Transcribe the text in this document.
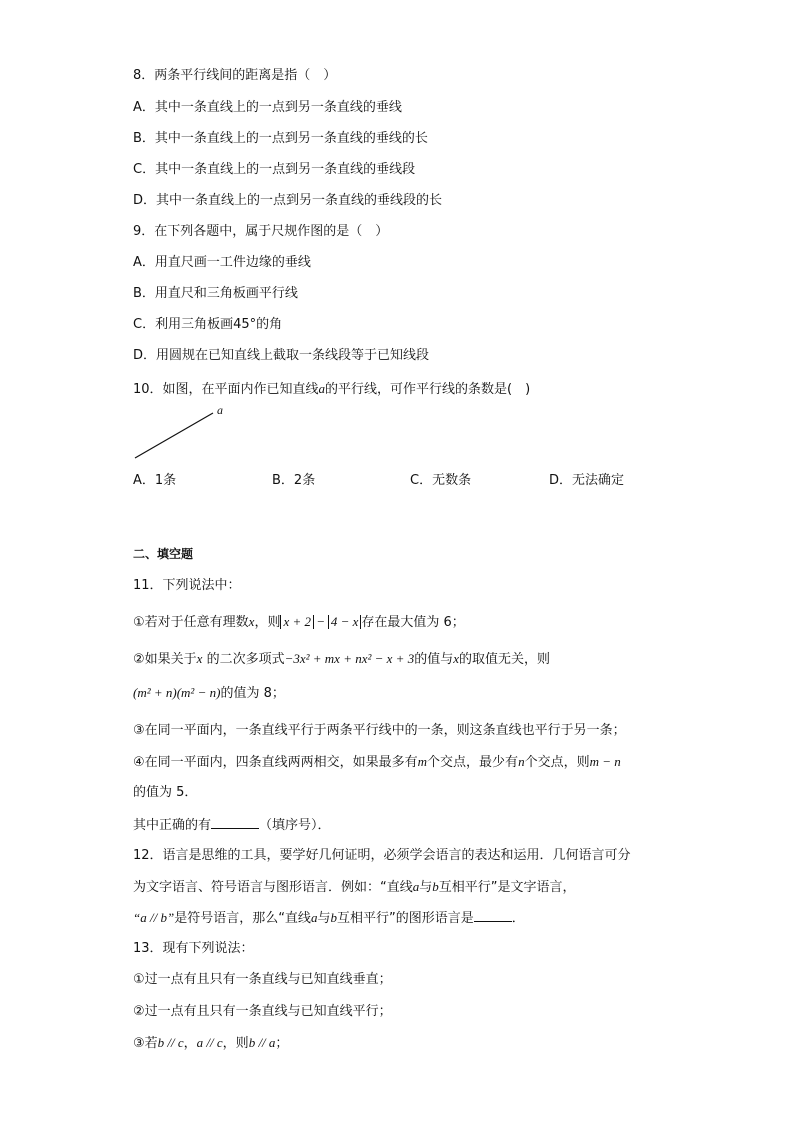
8．两条平行线间的距离是指（　）
A．其中一条直线上的一点到另一条直线的垂线
B．其中一条直线上的一点到另一条直线的垂线的长
C．其中一条直线上的一点到另一条直线的垂线段
D．其中一条直线上的一点到另一条直线的垂线段的长
9．在下列各题中，属于尺规作图的是（　）
A．用直尺画一工件边缘的垂线
B．用直尺和三角板画平行线
C．利用三角板画45°的角
D．用圆规在已知直线上截取一条线段等于已知线段
10．如图，在平面内作已知直线a的平行线，可作平行线的条数是(　)
a
A．1条	B．2条	C．无数条	D．无法确定
二、填空题
11．下列说法中：
①若对于任意有理数x，则 x + 2 − 4 − x 存在最大值为 6；
②如果关于x 的二次多项式−3x² + mx + nx² − x + 3的值与x的取值无关，则
(m² + n)(m² − n)的值为 8；
③在同一平面内，一条直线平行于两条平行线中的一条，则这条直线也平行于另一条；
④在同一平面内，四条直线两两相交，如果最多有m个交点，最少有n个交点，则m − n
的值为 5．
其中正确的有	（填序号）．
12．语言是思维的工具，要学好几何证明，必须学会语言的表达和运用．几何语言可分
为文字语言、符号语言与图形语言．例如：“直线a与b互相平行”是文字语言，
“a // b”是符号语言，那么“直线a与b互相平行”的图形语言是	．
13．现有下列说法：
①过一点有且只有一条直线与已知直线垂直；
②过一点有且只有一条直线与已知直线平行；
③若b // c，a // c，则b // a；
